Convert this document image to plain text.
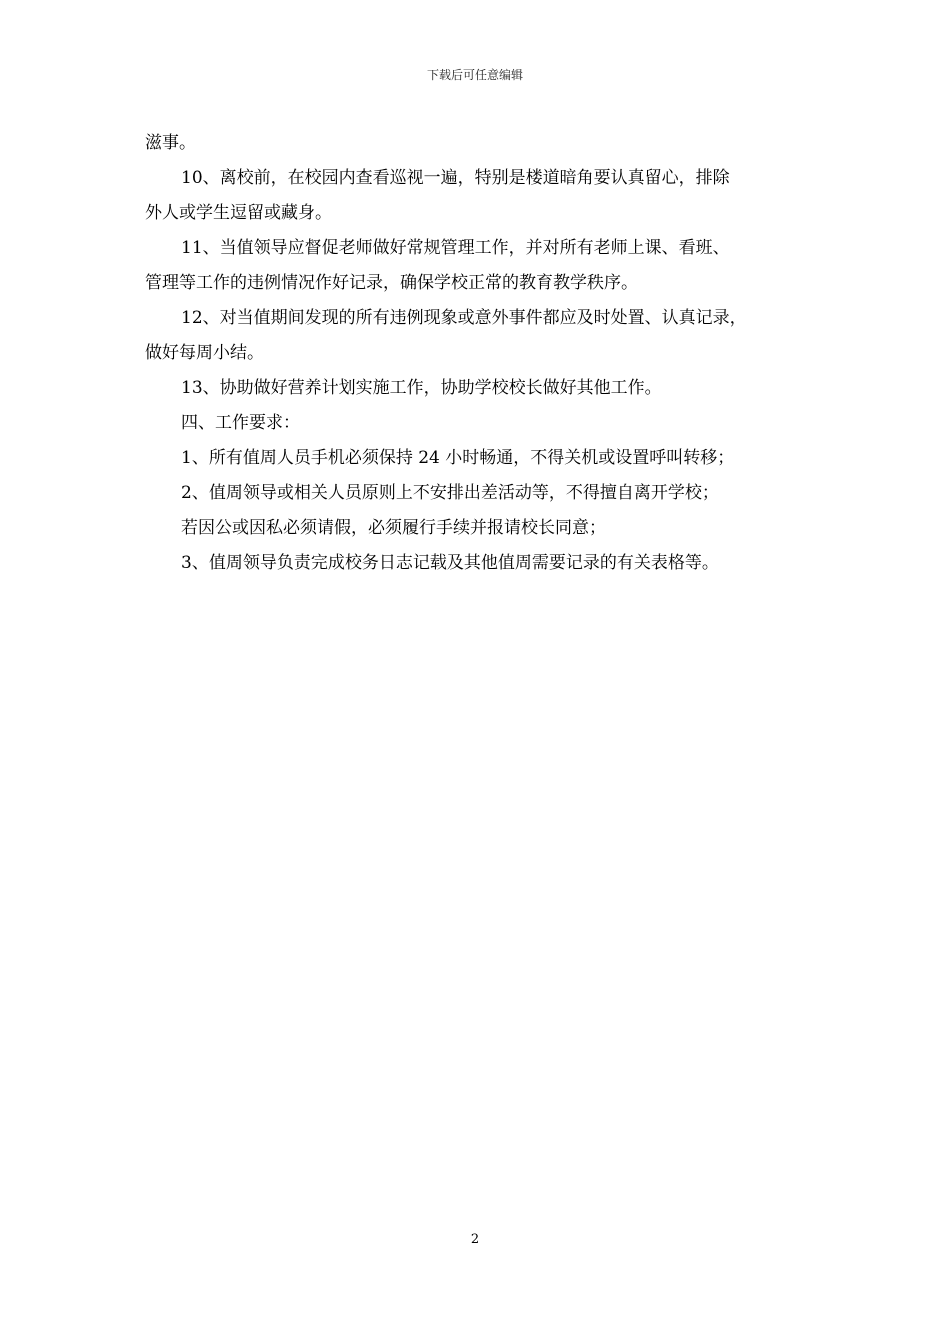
下载后可任意编辑

滋事。

10、离校前，在校园内查看巡视一遍，特别是楼道暗角要认真留心，排除
外人或学生逗留或藏身。

11、当值领导应督促老师做好常规管理工作，并对所有老师上课、看班、
管理等工作的违例情况作好记录，确保学校正常的教育教学秩序。

12、对当值期间发现的所有违例现象或意外事件都应及时处置、认真记录，
做好每周小结。

13、协助做好营养计划实施工作，协助学校校长做好其他工作。

四、工作要求：

1、所有值周人员手机必须保持 24 小时畅通，不得关机或设置呼叫转移；

2、值周领导或相关人员原则上不安排出差活动等，不得擅自离开学校；
若因公或因私必须请假，必须履行手续并报请校长同意；

3、值周领导负责完成校务日志记载及其他值周需要记录的有关表格等。

2
